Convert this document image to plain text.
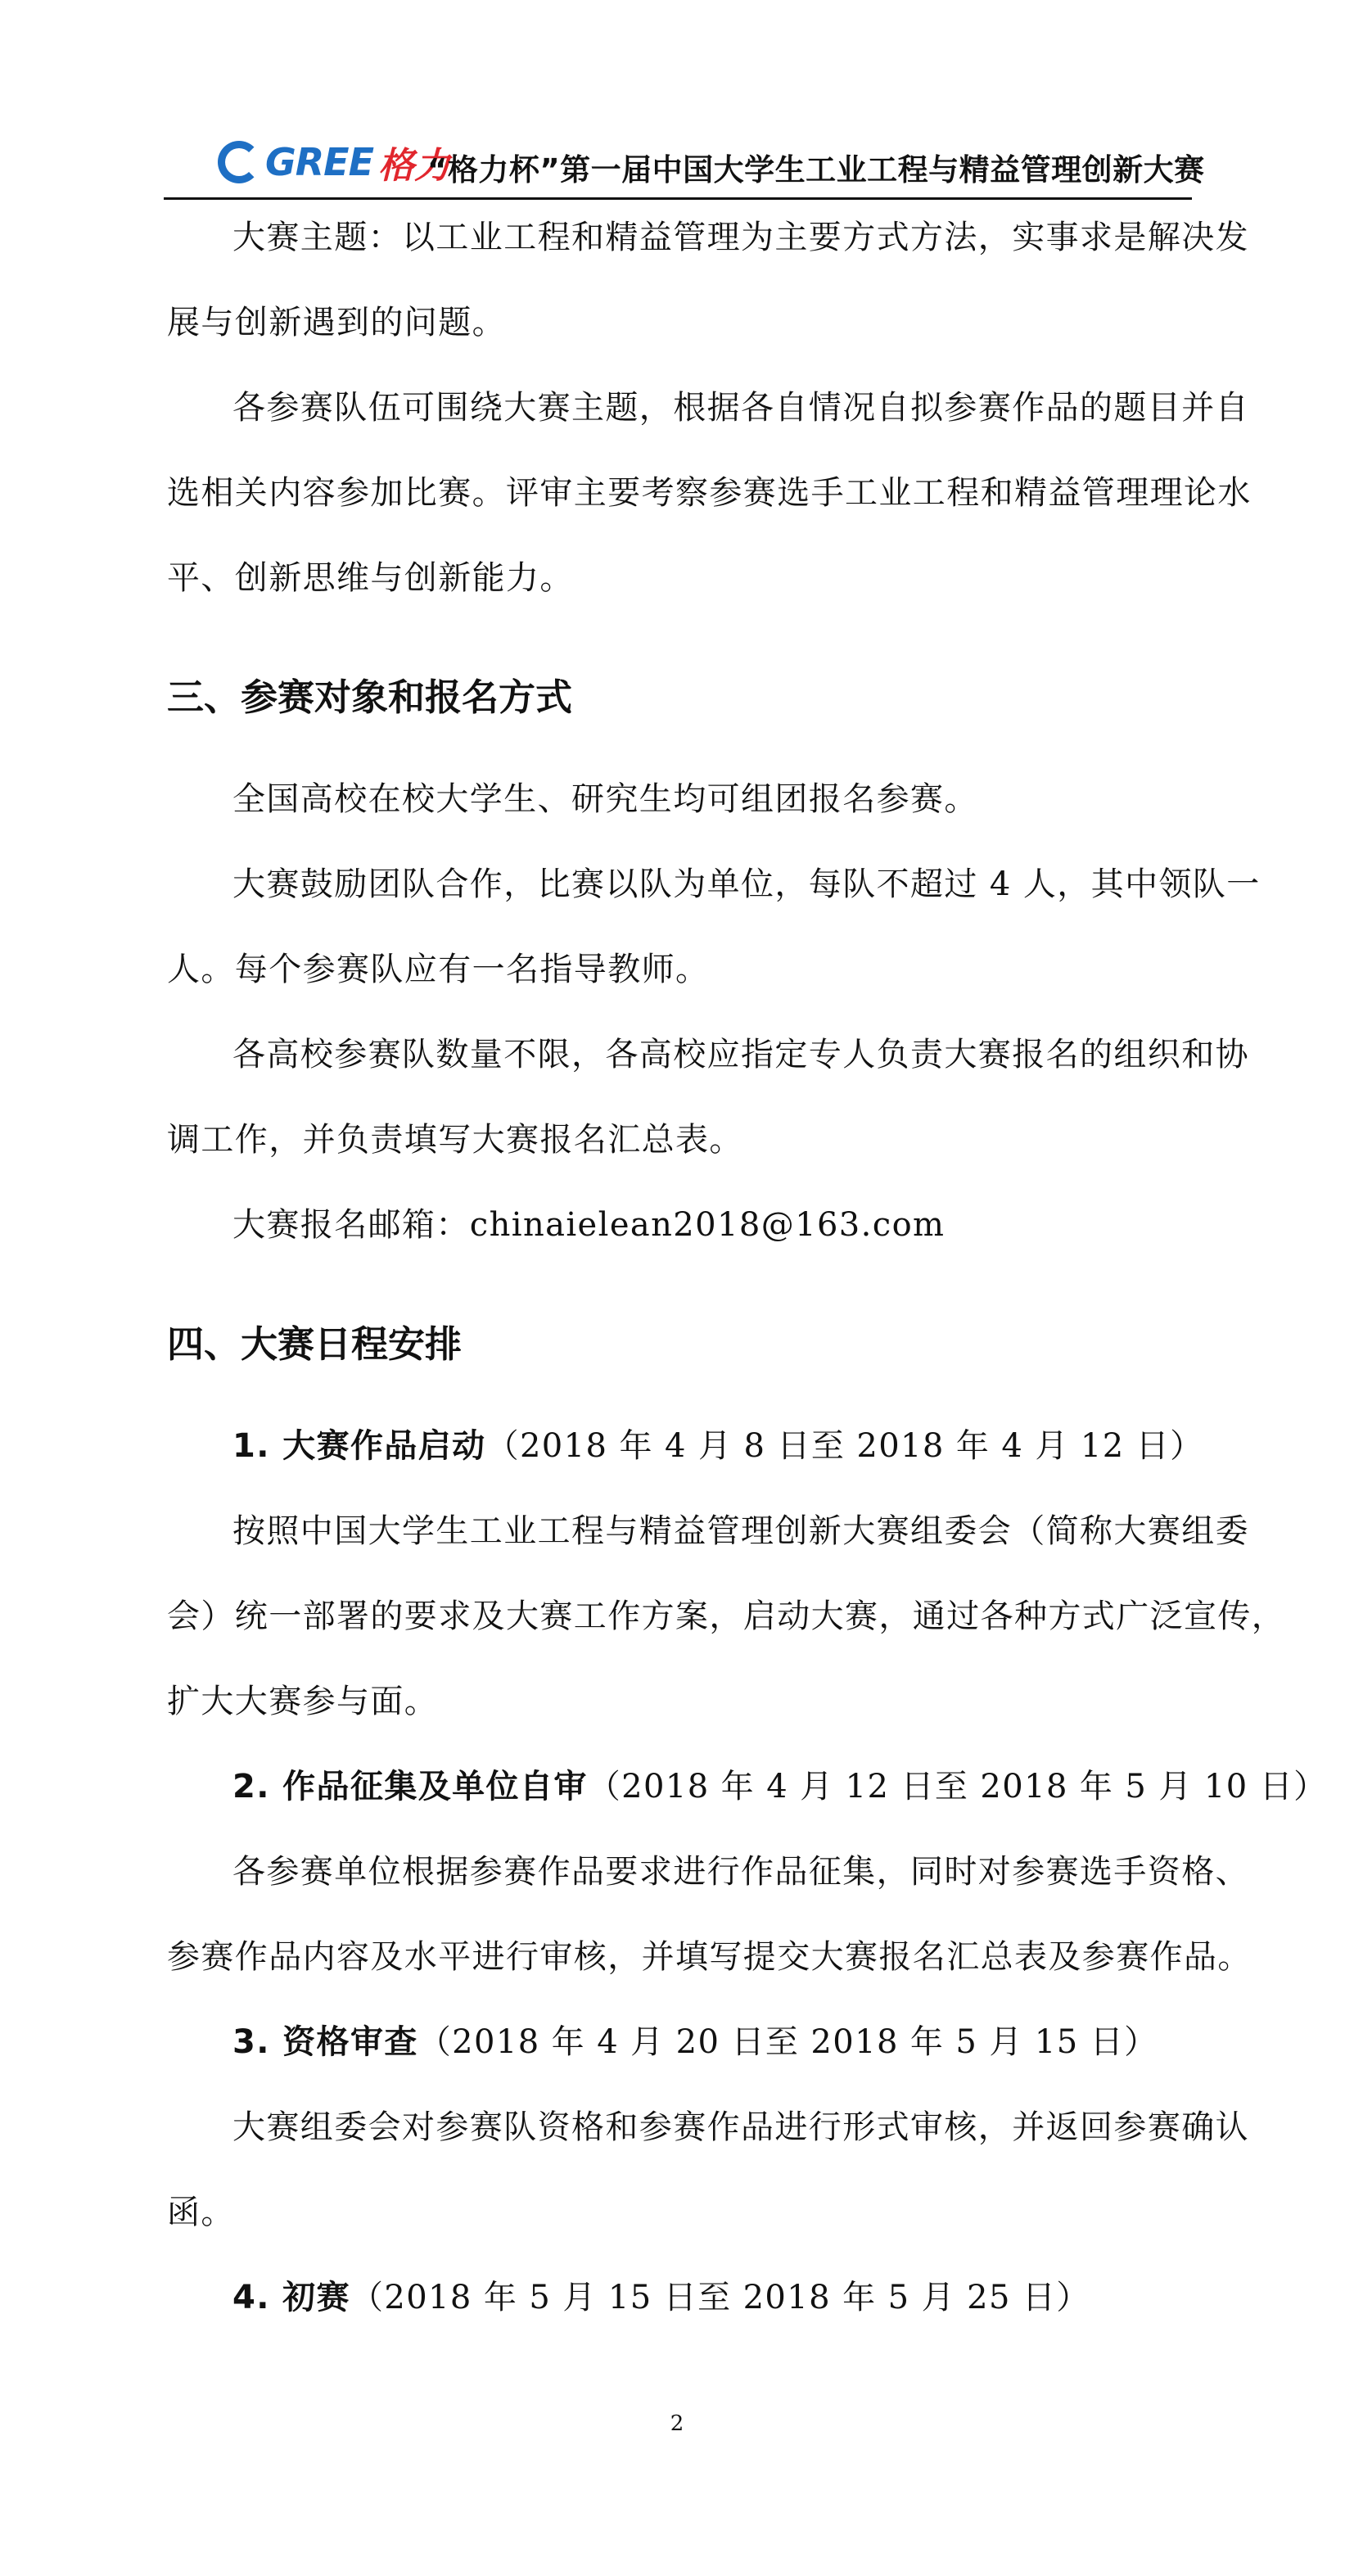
GREE 格力
“格力杯”第一届中国大学生工业工程与精益管理创新大赛
大赛主题：以工业工程和精益管理为主要方式方法，实事求是解决发
展与创新遇到的问题。
各参赛队伍可围绕大赛主题，根据各自情况自拟参赛作品的题目并自
选相关内容参加比赛。评审主要考察参赛选手工业工程和精益管理理论水
平、创新思维与创新能力。
三、参赛对象和报名方式
全国高校在校大学生、研究生均可组团报名参赛。
大赛鼓励团队合作，比赛以队为单位，每队不超过 4 人，其中领队一
人。每个参赛队应有一名指导教师。
各高校参赛队数量不限，各高校应指定专人负责大赛报名的组织和协
调工作，并负责填写大赛报名汇总表。
大赛报名邮箱：chinaielean2018@163.com
四、大赛日程安排
1. 大赛作品启动（2018 年 4 月 8 日至 2018 年 4 月 12 日）
按照中国大学生工业工程与精益管理创新大赛组委会（简称大赛组委
会）统一部署的要求及大赛工作方案，启动大赛，通过各种方式广泛宣传，
扩大大赛参与面。
2. 作品征集及单位自审（2018 年 4 月 12 日至 2018 年 5 月 10 日）
各参赛单位根据参赛作品要求进行作品征集，同时对参赛选手资格、
参赛作品内容及水平进行审核，并填写提交大赛报名汇总表及参赛作品。
3. 资格审查（2018 年 4 月 20 日至 2018 年 5 月 15 日）
大赛组委会对参赛队资格和参赛作品进行形式审核，并返回参赛确认
函。
4. 初赛（2018 年 5 月 15 日至 2018 年 5 月 25 日）
2
